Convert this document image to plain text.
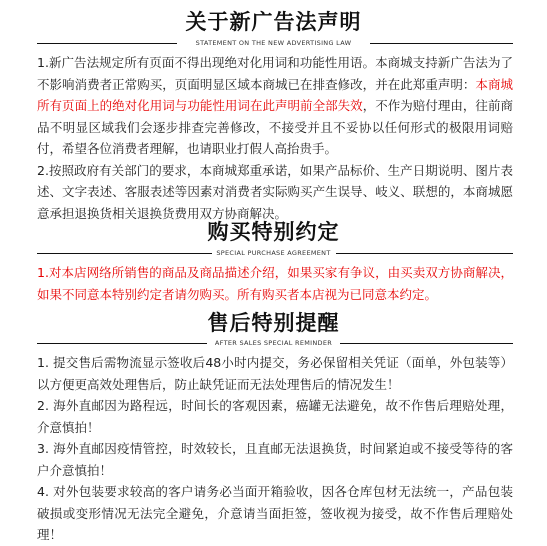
关于新广告法声明
STATEMENT ON THE NEW ADVERTISING LAW

1.新广告法规定所有页面不得出现绝对化用词和功能性用语。本商城支持新广告法为了不影响消费者正常购买，页面明显区域本商城已在排查修改，并在此郑重声明：本商城所有页面上的绝对化用词与功能性用词在此声明前全部失效，不作为赔付理由，往前商品不明显区域我们会逐步排查完善修改，不接受并且不妥协以任何形式的极限用词赔付，希望各位消费者理解，也请职业打假人高抬贵手。

2.按照政府有关部门的要求，本商城郑重承诺，如果产品标价、生产日期说明、图片表述、文字表述、客服表述等因素对消费者实际购买产生误导、岐义、联想的，本商城愿意承担退换货相关退换货费用双方协商解决。

购买特别约定
SPECIAL PURCHASE AGREEMENT

1.对本店网络所销售的商品及商品描述介绍，如果买家有争议，由买卖双方协商解决，如果不同意本特别约定者请勿购买。所有购买者本店视为已同意本约定。

售后特别提醒
AFTER SALES SPECIAL REMINDER

1. 提交售后需物流显示签收后48小时内提交，务必保留相关凭证（面单，外包装等）以方便更高效处理售后，防止缺凭证而无法处理售后的情况发生！

2. 海外直邮因为路程远，时间长的客观因素，癌罐无法避免，故不作售后理赔处理，介意慎拍！

3. 海外直邮因疫情管控，时效较长，且直邮无法退换货，时间紧迫或不接受等待的客户介意慎拍！

4. 对外包装要求较高的客户请务必当面开箱验收，因各仓库包材无法统一，产品包装破损或变形情况无法完全避免，介意请当面拒签，签收视为接受，故不作售后理赔处理！
